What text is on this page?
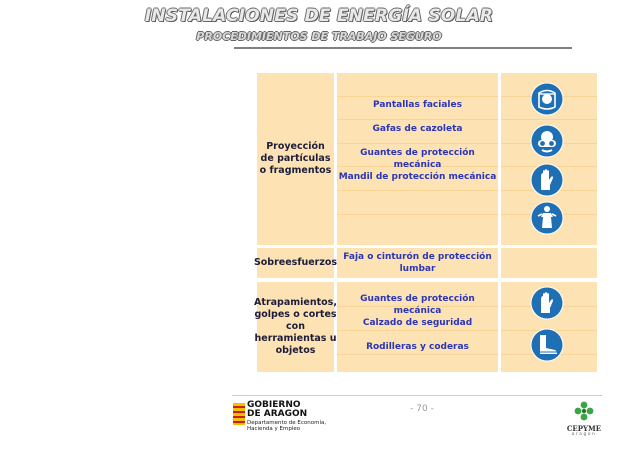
INSTALACIONES DE ENERGÍA SOLAR
PROCEDIMIENTOS DE TRABAJO SEGURO
Proyección de partículas o fragmentos
Sobreesfuerzos
Atrapamientos, golpes o cortes con herramientas u objetos
Pantallas faciales
Gafas de cazoleta
Guantes de protección mecánica
Mandil de protección mecánica
Faja o cinturón de protección lumbar
Guantes de protección mecánica
Calzado de seguridad
Rodilleras y coderas
- 70 -
GOBIERNO
DE ARAGON
Departamento de Economía,
Hacienda y Empleo	CEPYME
aragon
